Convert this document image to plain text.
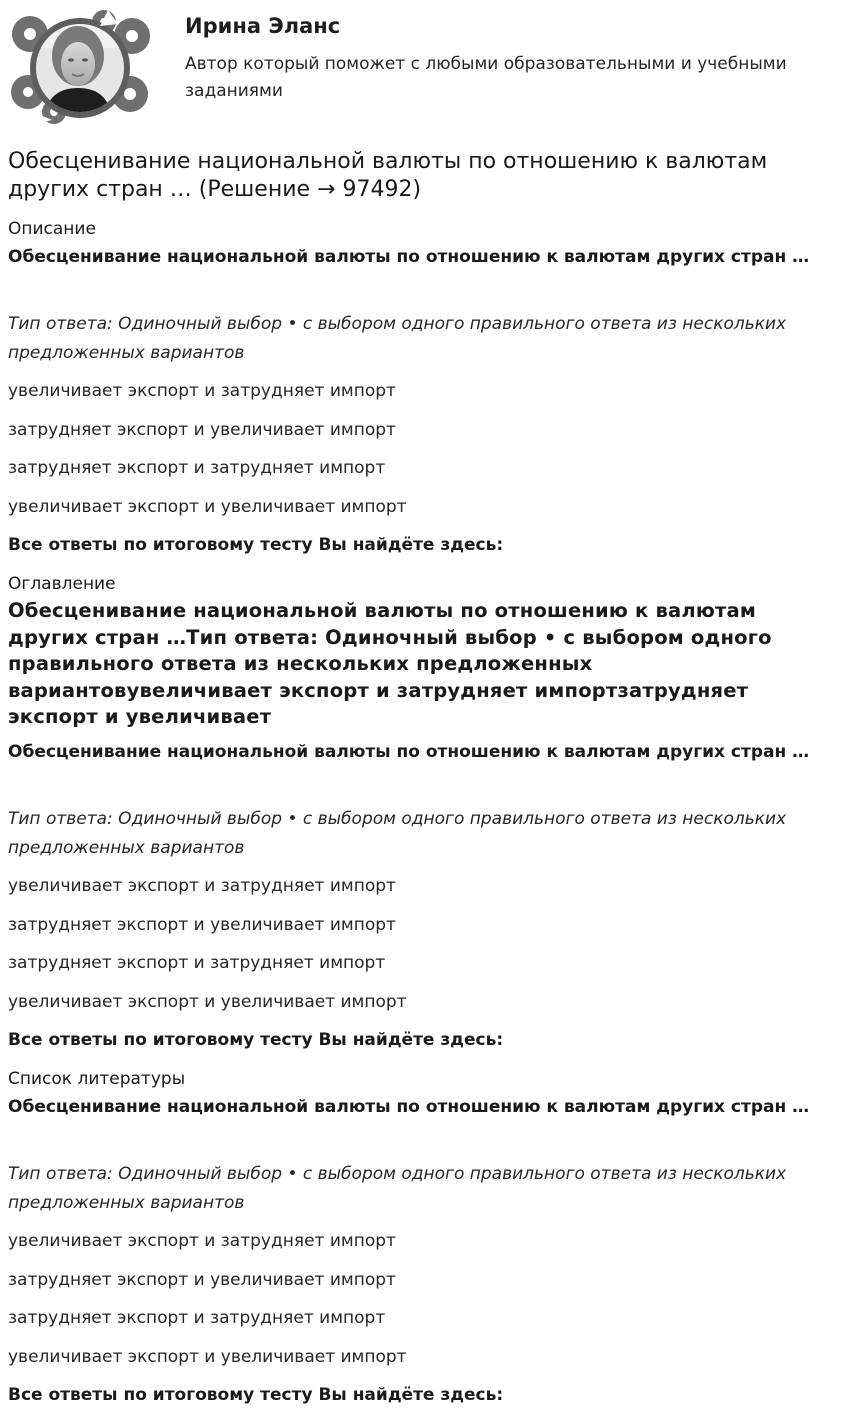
Ирина Эланс

Автор который поможет с любыми образовательными и учебными заданиями

Обесценивание национальной валюты по отношению к валютам других стран … (Решение → 97492)

Описание

Обесценивание национальной валюты по отношению к валютам других стран …

Тип ответа: Одиночный выбор • с выбором одного правильного ответа из нескольких предложенных вариантов

увеличивает экспорт и затрудняет импорт

затрудняет экспорт и увеличивает импорт

затрудняет экспорт и затрудняет импорт

увеличивает экспорт и увеличивает импорт

Все ответы по итоговому тесту Вы найдёте здесь:

Оглавление

Обесценивание национальной валюты по отношению к валютам других стран …Тип ответа: Одиночный выбор • с выбором одного правильного ответа из нескольких предложенных вариантовувеличивает экспорт и затрудняет импортзатрудняет экспорт и увеличивает

Обесценивание национальной валюты по отношению к валютам других стран …

Тип ответа: Одиночный выбор • с выбором одного правильного ответа из нескольких предложенных вариантов

увеличивает экспорт и затрудняет импорт

затрудняет экспорт и увеличивает импорт

затрудняет экспорт и затрудняет импорт

увеличивает экспорт и увеличивает импорт

Все ответы по итоговому тесту Вы найдёте здесь:

Список литературы

Обесценивание национальной валюты по отношению к валютам других стран …

Тип ответа: Одиночный выбор • с выбором одного правильного ответа из нескольких предложенных вариантов

увеличивает экспорт и затрудняет импорт

затрудняет экспорт и увеличивает импорт

затрудняет экспорт и затрудняет импорт

увеличивает экспорт и увеличивает импорт

Все ответы по итоговому тесту Вы найдёте здесь:
